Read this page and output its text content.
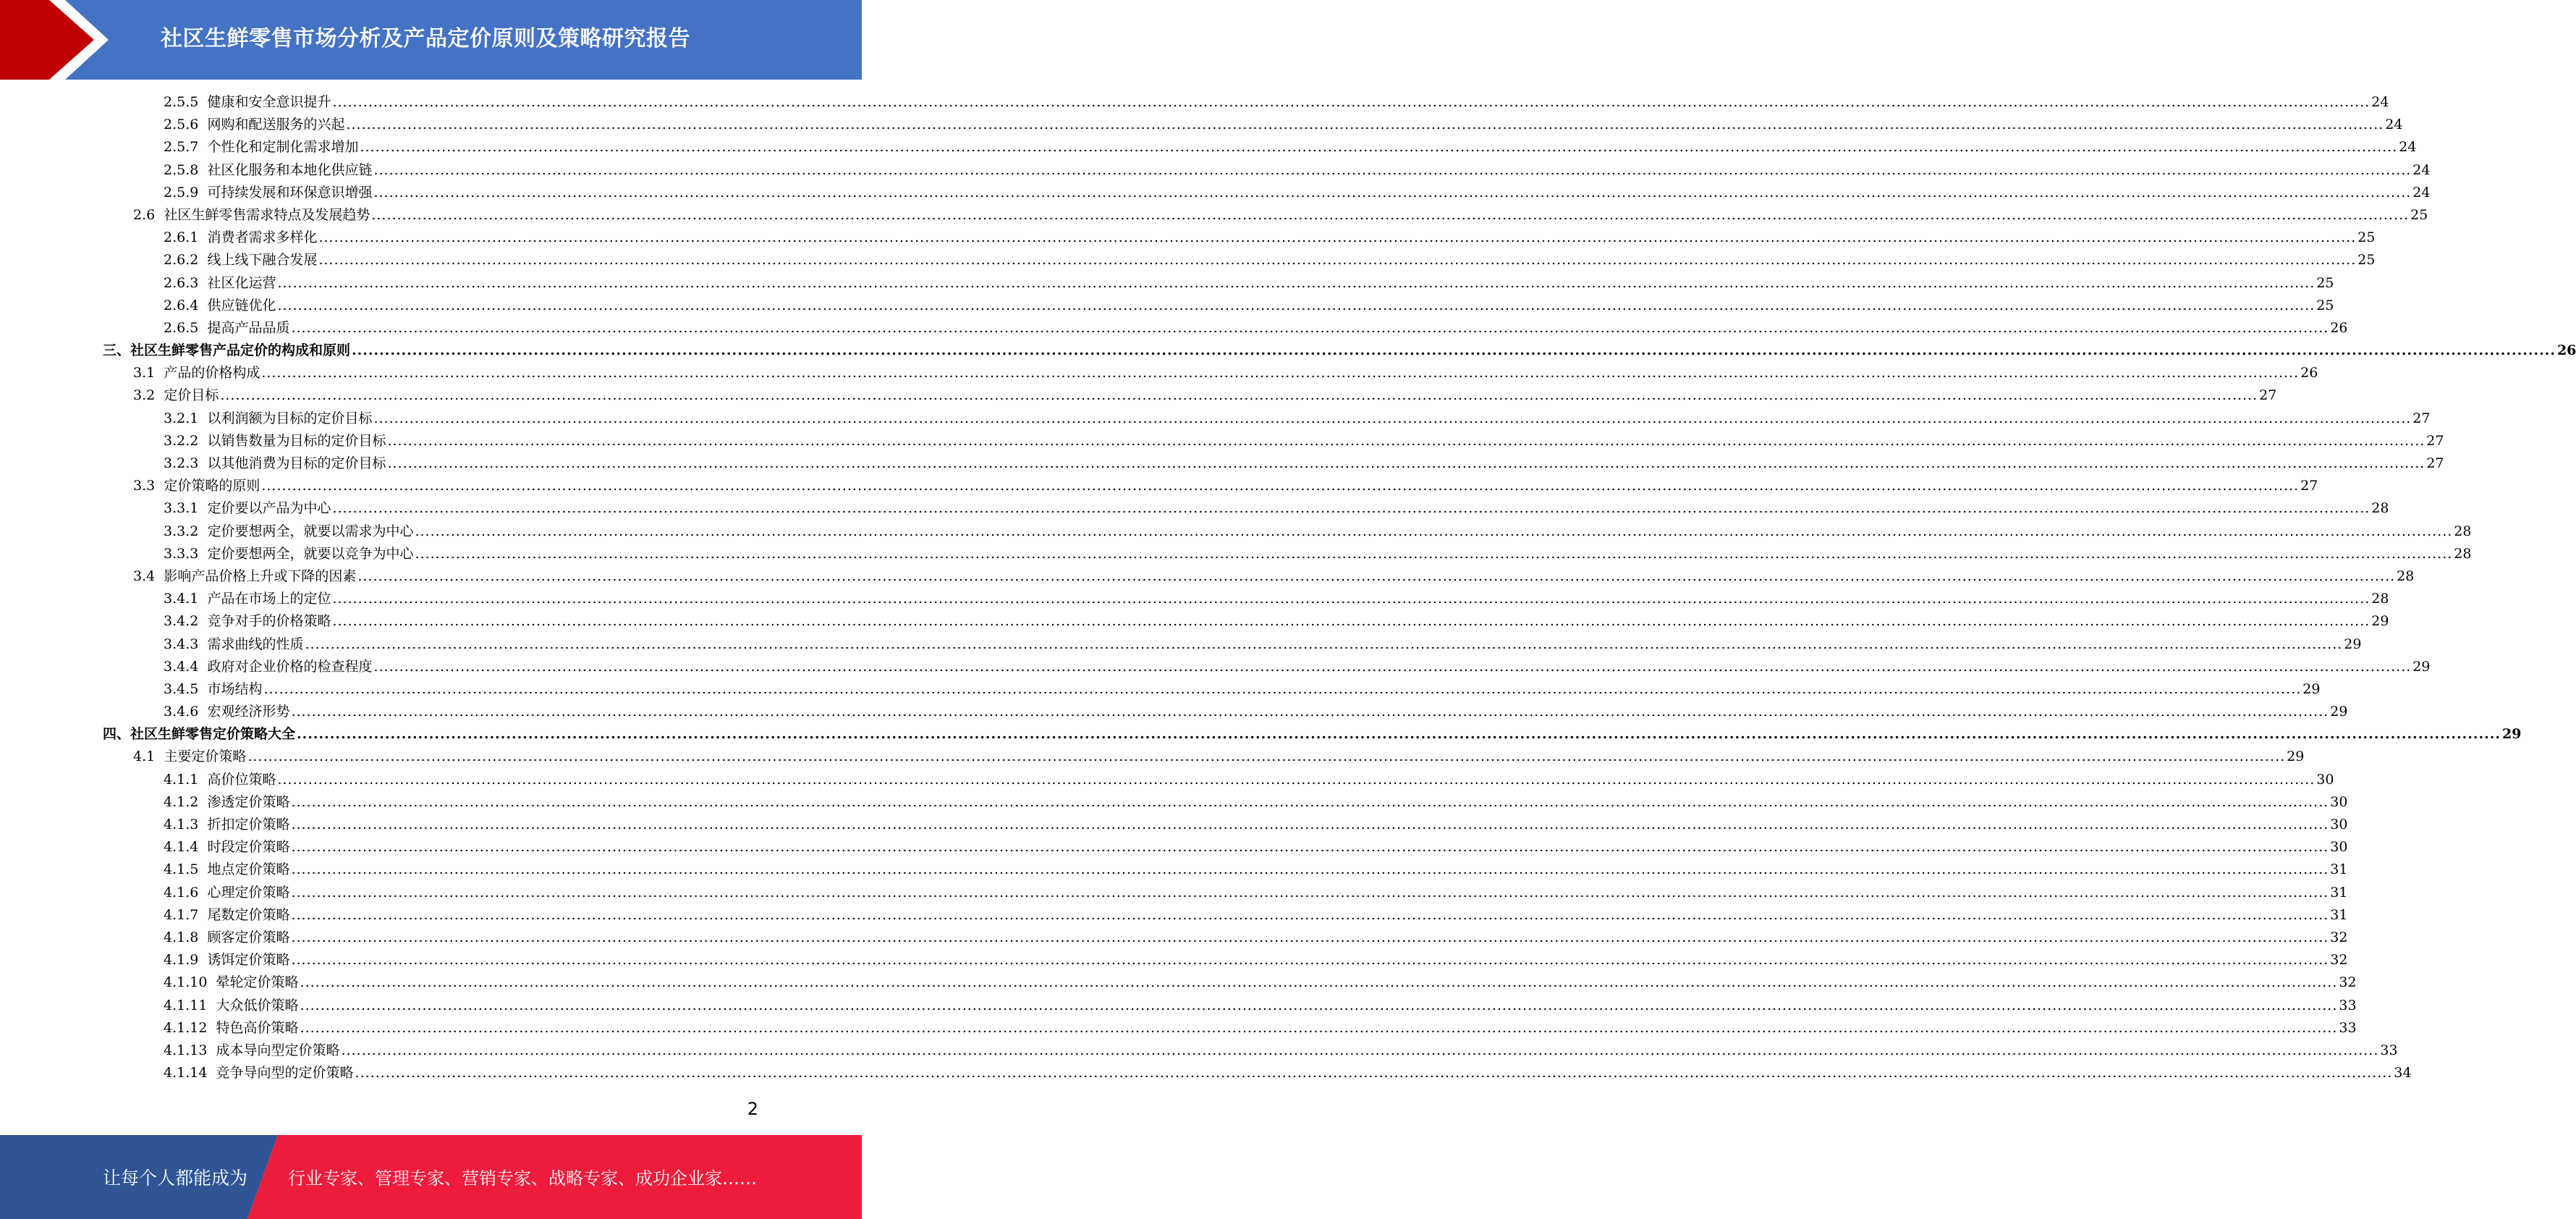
社区生鲜零售市场分析及产品定价原则及策略研究报告
2.5.5
健康和安全意识提升 ................................................................................................................................................................................................................................................................................................................................................................................................................ 24
2.5.6
网购和配送服务的兴起 ................................................................................................................................................................................................................................................................................................................................................................................................................ 24
2.5.7
个性化和定制化需求增加 ................................................................................................................................................................................................................................................................................................................................................................................................................ 24
2.5.8
社区化服务和本地化供应链 ................................................................................................................................................................................................................................................................................................................................................................................................................ 24
2.5.9
可持续发展和环保意识增强 ................................................................................................................................................................................................................................................................................................................................................................................................................ 24
2.6
社区生鲜零售需求特点及发展趋势 ................................................................................................................................................................................................................................................................................................................................................................................................................ 25
2.6.1
消费者需求多样化 ................................................................................................................................................................................................................................................................................................................................................................................................................ 25
2.6.2
线上线下融合发展 ................................................................................................................................................................................................................................................................................................................................................................................................................ 25
2.6.3
社区化运营 ................................................................................................................................................................................................................................................................................................................................................................................................................ 25
2.6.4
供应链优化 ................................................................................................................................................................................................................................................................................................................................................................................................................ 25
2.6.5
提高产品品质 ................................................................................................................................................................................................................................................................................................................................................................................................................ 26
三、 社区生鲜零售产品定价的构成和原则 ................................................................................................................................................................................................................................................................................................................................................................................................................ 26
3.1
产品的价格构成 ................................................................................................................................................................................................................................................................................................................................................................................................................ 26
3.2
定价目标 ................................................................................................................................................................................................................................................................................................................................................................................................................ 27
3.2.1
以利润额为目标的定价目标 ................................................................................................................................................................................................................................................................................................................................................................................................................ 27
3.2.2
以销售数量为目标的定价目标 ................................................................................................................................................................................................................................................................................................................................................................................................................ 27
3.2.3
以其他消费为目标的定价目标 ................................................................................................................................................................................................................................................................................................................................................................................................................ 27
3.3
定价策略的原则 ................................................................................................................................................................................................................................................................................................................................................................................................................ 27
3.3.1
定价要以产品为中心 ................................................................................................................................................................................................................................................................................................................................................................................................................ 28
3.3.2
定价要想两全，就要以需求为中心 ................................................................................................................................................................................................................................................................................................................................................................................................................ 28
3.3.3
定价要想两全，就要以竞争为中心 ................................................................................................................................................................................................................................................................................................................................................................................................................ 28
3.4
影响产品价格上升或下降的因素 ................................................................................................................................................................................................................................................................................................................................................................................................................ 28
3.4.1
产品在市场上的定位 ................................................................................................................................................................................................................................................................................................................................................................................................................ 28
3.4.2
竞争对手的价格策略 ................................................................................................................................................................................................................................................................................................................................................................................................................ 29
3.4.3
需求曲线的性质 ................................................................................................................................................................................................................................................................................................................................................................................................................ 29
3.4.4
政府对企业价格的检查程度 ................................................................................................................................................................................................................................................................................................................................................................................................................ 29
3.4.5
市场结构 ................................................................................................................................................................................................................................................................................................................................................................................................................ 29
3.4.6
宏观经济形势 ................................................................................................................................................................................................................................................................................................................................................................................................................ 29
四、 社区生鲜零售定价策略大全 ................................................................................................................................................................................................................................................................................................................................................................................................................ 29
4.1
主要定价策略 ................................................................................................................................................................................................................................................................................................................................................................................................................ 29
4.1.1
高价位策略 ................................................................................................................................................................................................................................................................................................................................................................................................................ 30
4.1.2
渗透定价策略 ................................................................................................................................................................................................................................................................................................................................................................................................................ 30
4.1.3
折扣定价策略 ................................................................................................................................................................................................................................................................................................................................................................................................................ 30
4.1.4
时段定价策略 ................................................................................................................................................................................................................................................................................................................................................................................................................ 30
4.1.5
地点定价策略 ................................................................................................................................................................................................................................................................................................................................................................................................................ 31
4.1.6
心理定价策略 ................................................................................................................................................................................................................................................................................................................................................................................................................ 31
4.1.7
尾数定价策略 ................................................................................................................................................................................................................................................................................................................................................................................................................ 31
4.1.8
顾客定价策略 ................................................................................................................................................................................................................................................................................................................................................................................................................ 32
4.1.9
诱饵定价策略 ................................................................................................................................................................................................................................................................................................................................................................................................................ 32
4.1.10
晕轮定价策略 ................................................................................................................................................................................................................................................................................................................................................................................................................ 32
4.1.11
大众低价策略 ................................................................................................................................................................................................................................................................................................................................................................................................................ 33
4.1.12
特色高价策略 ................................................................................................................................................................................................................................................................................................................................................................................................................ 33
4.1.13
成本导向型定价策略 ................................................................................................................................................................................................................................................................................................................................................................................................................ 33
4.1.14
竞争导向型的定价策略 ................................................................................................................................................................................................................................................................................................................................................................................................................ 34
2
让每个人都能成为 行业专家、管理专家、营销专家、战略专家、成功企业家……
